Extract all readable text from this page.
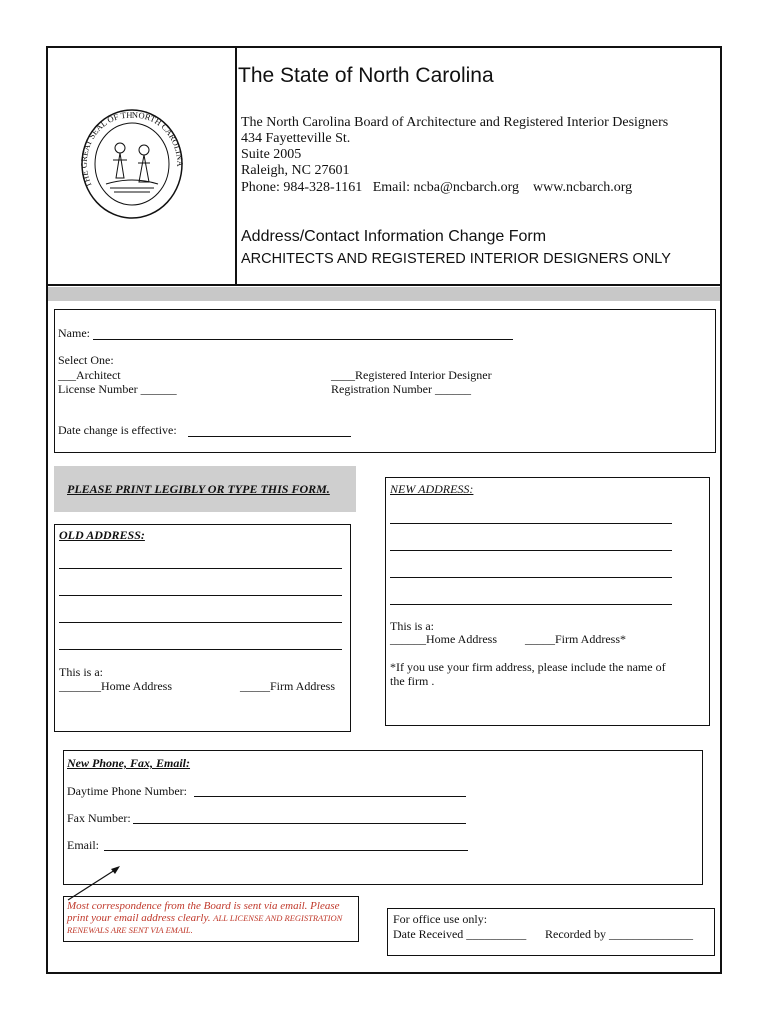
THE EAT SEAL OF TH NORTH CAROLI
The State of North Carolina
The North Carolina Board of Architecture and Registered Interior Designers
434 Fayetteville St.
Suite 2005
Raleigh, NC 27601
Phone: 984-328-1161   Email: ncba@ncbarch.org    www.ncbarch.org
Address/Contact Information Change Form
ARCHITECTS AND REGISTERED INTERIOR DESIGNERS ONLY
Name:
Select One:
___Architect
License Number ______
____Registered Interior Designer
Registration Number ______
Date change is effective:
PLEASE PRINT LEGIBLY OR TYPE THIS FORM.
OLD ADDRESS:
This is a:
_______Home Address	_____Firm Address
NEW ADDRESS:
This is a:
______Home Address _____Firm Address*
*If you use your firm address, please include the name of the firm .
New Phone, Fax, Email:
Daytime Phone Number:
Fax Number:
Email:
Most correspondence from the Board is sent via email. Please
print your email address clearly. ALL LICENSE AND REGISTRATION
RENEWALS ARE SENT VIA EMAIL.
For office use only:
Date Received __________ Recorded by ______________
